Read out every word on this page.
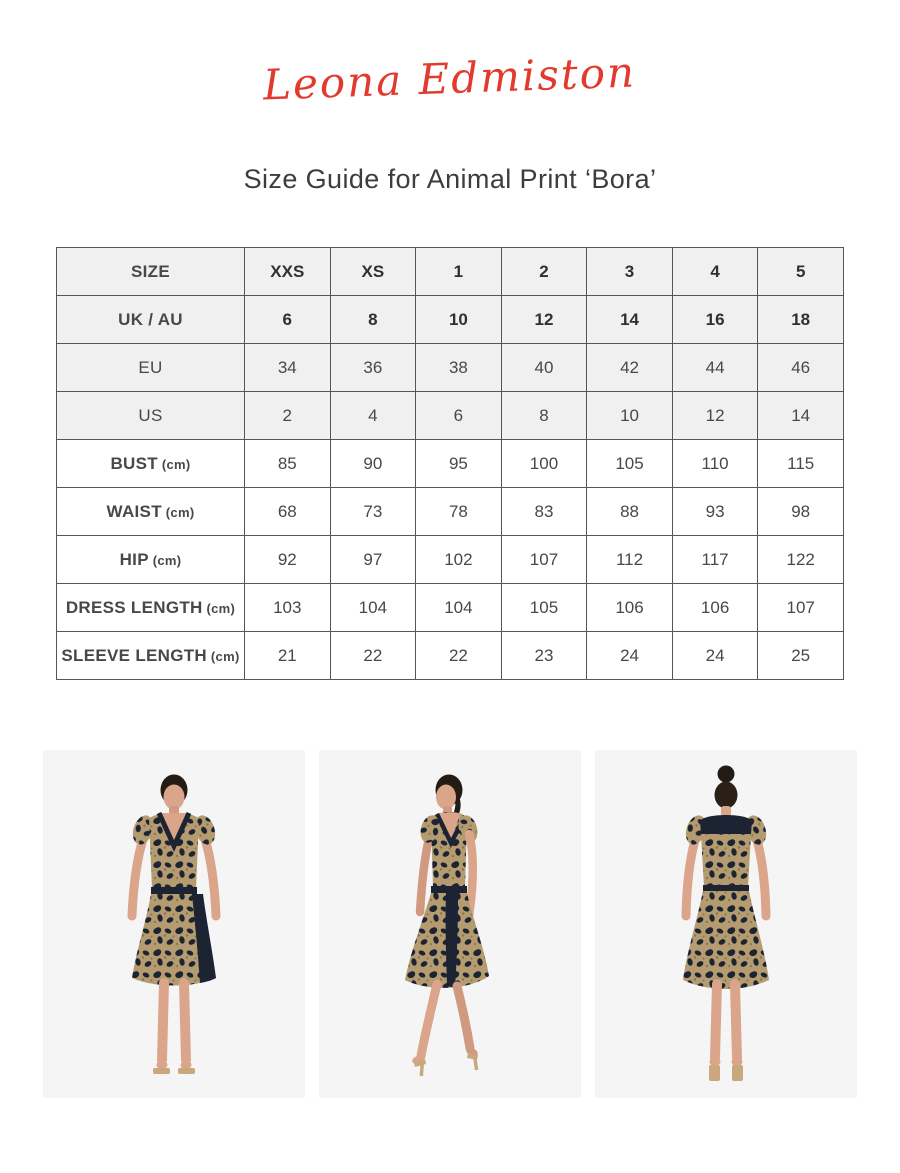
Leona Edmiston
Size Guide for Animal Print ‘Bora’
SIZE	XXS	XS	1	2	3	4	5
UK / AU	6	8	10	12	14	16	18
EU	34	36	38	40	42	44	46
US	2	4	6	8	10	12	14
BUST (cm)	85	90	95	100	105	110	115
WAIST (cm)	68	73	78	83	88	93	98
HIP (cm)	92	97	102	107	112	117	122
DRESS LENGTH (cm)	103	104	104	105	106	106	107
SLEEVE LENGTH (cm)	21	22	22	23	24	24	25
